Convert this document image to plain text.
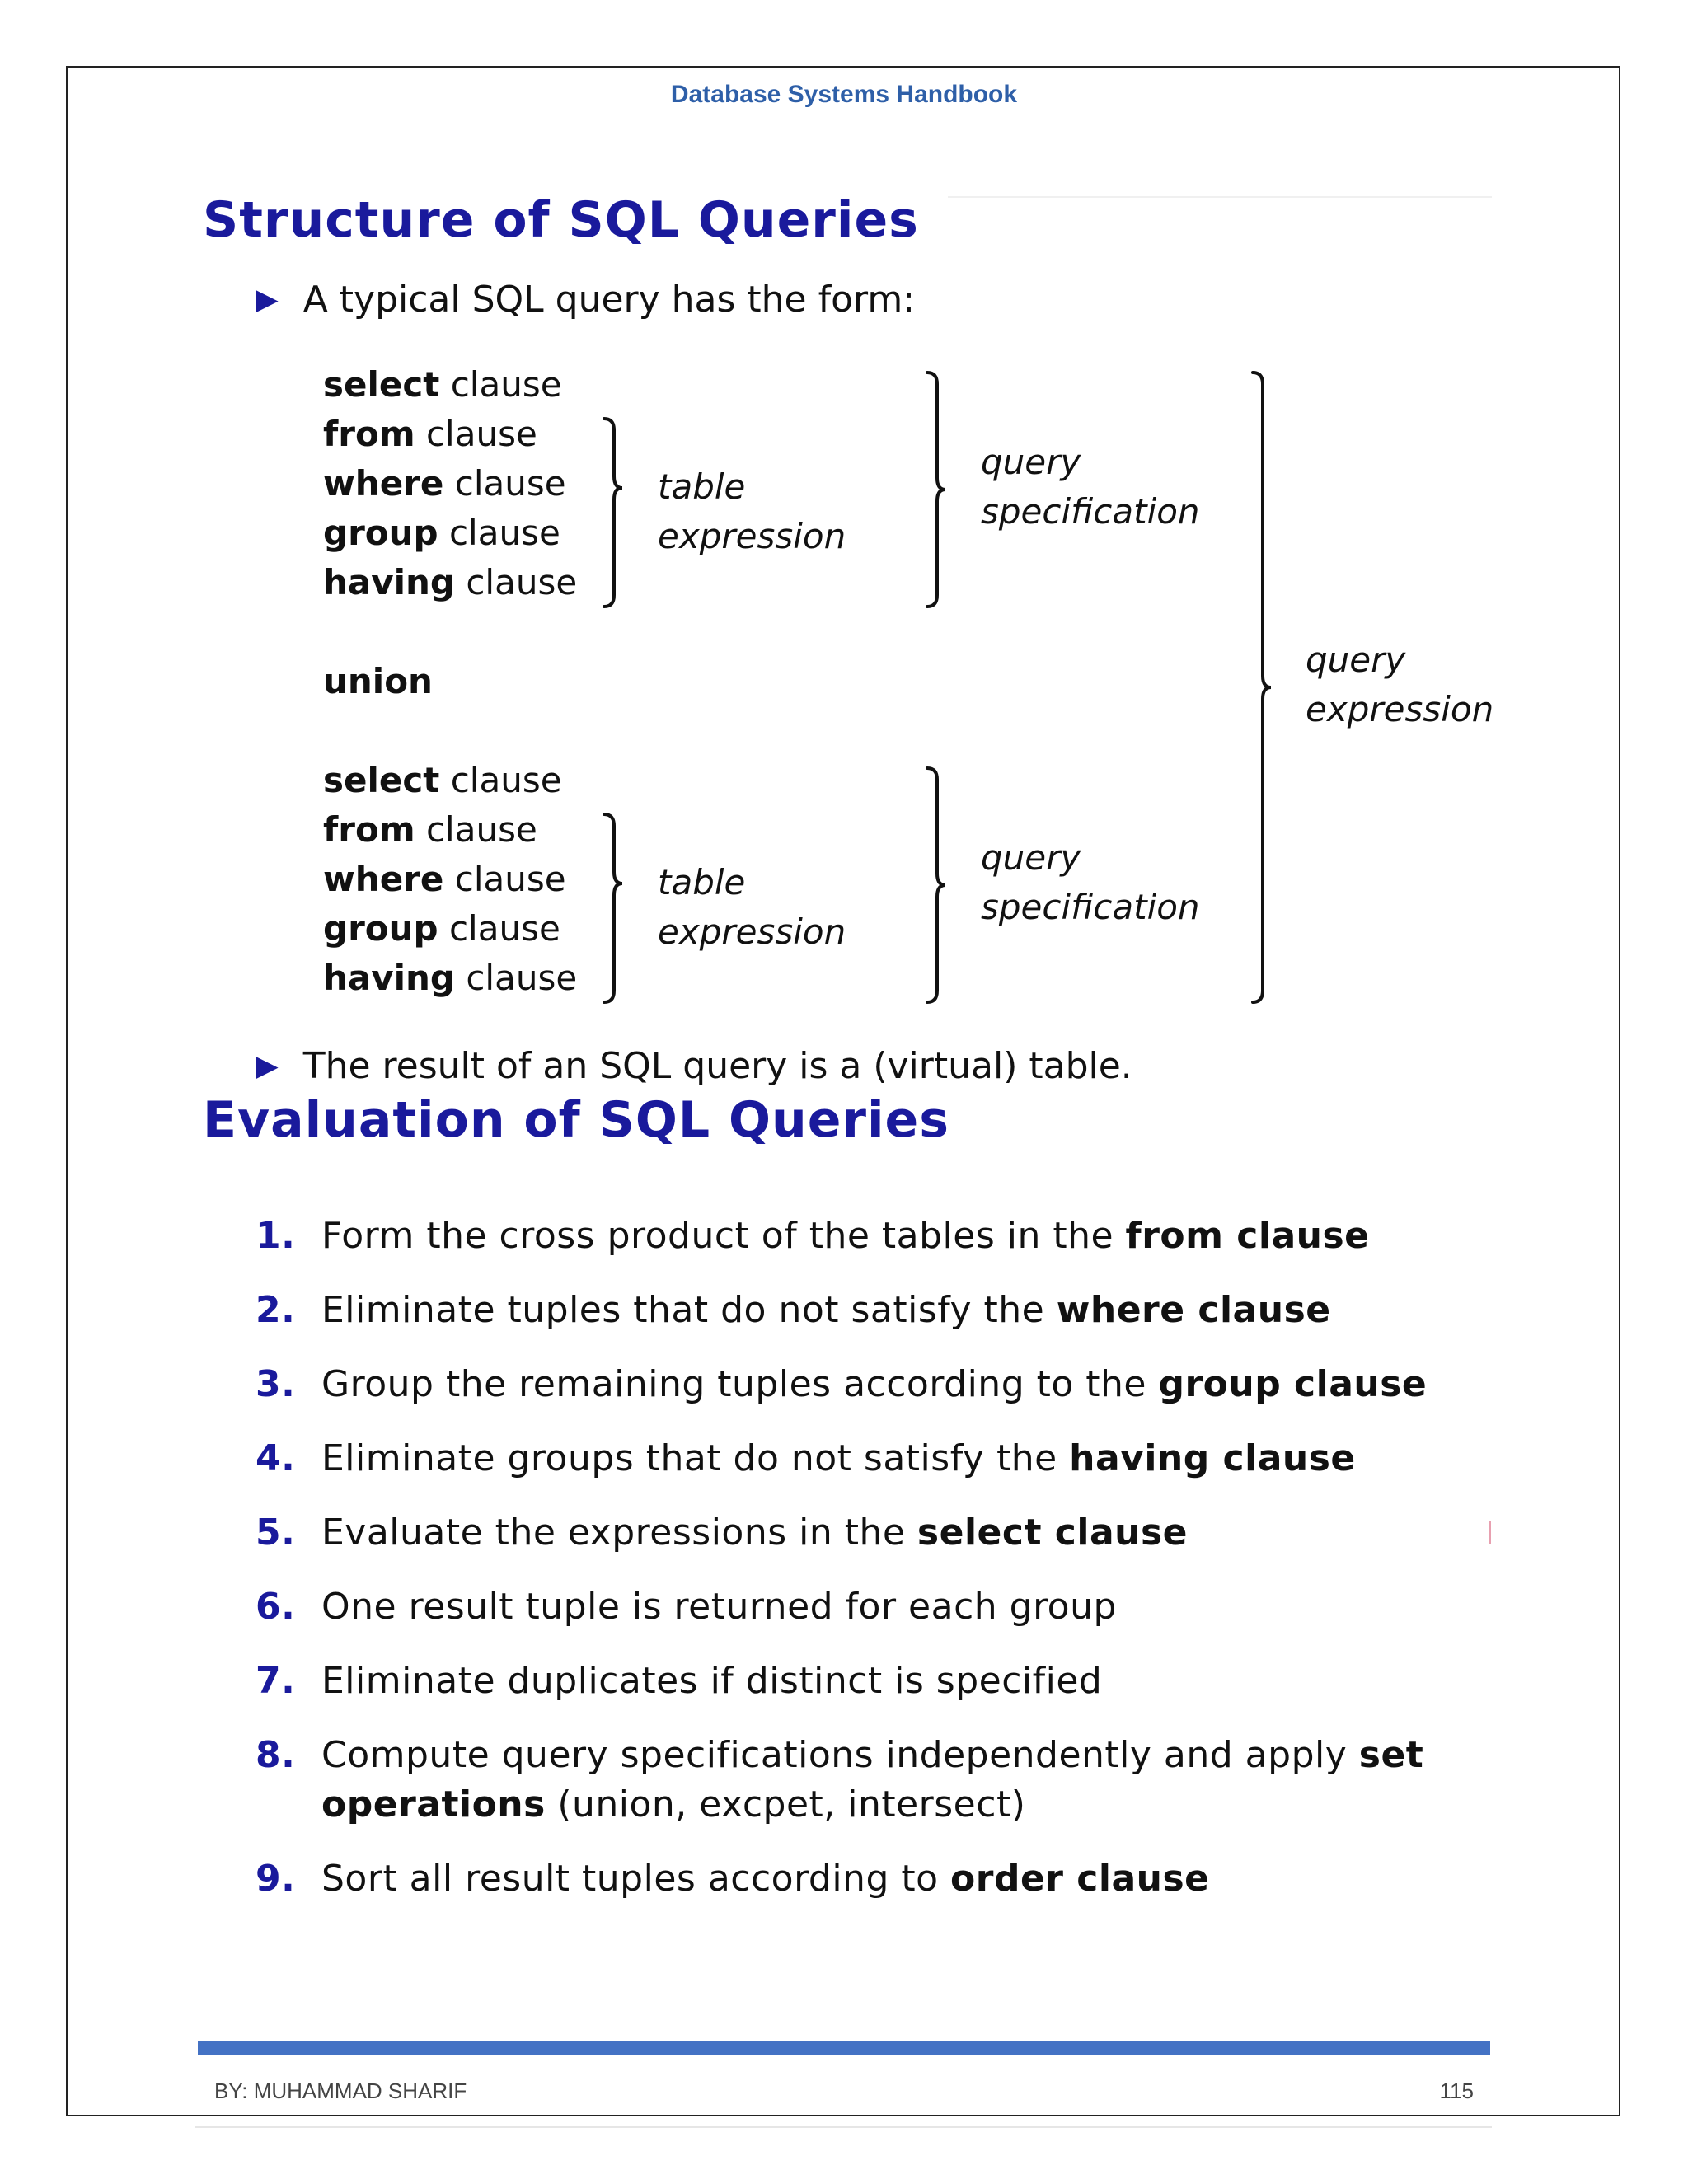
Database Systems Handbook
Structure of SQL Queries
▶ A typical SQL query has the form:
select clause
from clause
where clause
group clause
having clause
union
select clause
from clause
where clause
group clause
having clause
table
expression
query
specification
table
expression
query
specification
query
expression
▶ The result of an SQL query is a (virtual) table.
Evaluation of SQL Queries
1. Form the cross product of the tables in the from clause
2. Eliminate tuples that do not satisfy the where clause
3. Group the remaining tuples according to the group clause
4. Eliminate groups that do not satisfy the having clause
5. Evaluate the expressions in the select clause
6. One result tuple is returned for each group
7. Eliminate duplicates if distinct is specified
8. Compute query specifications independently and apply set operations (union, excpet, intersect)
9. Sort all result tuples according to order clause
BY: MUHAMMAD SHARIF	115
